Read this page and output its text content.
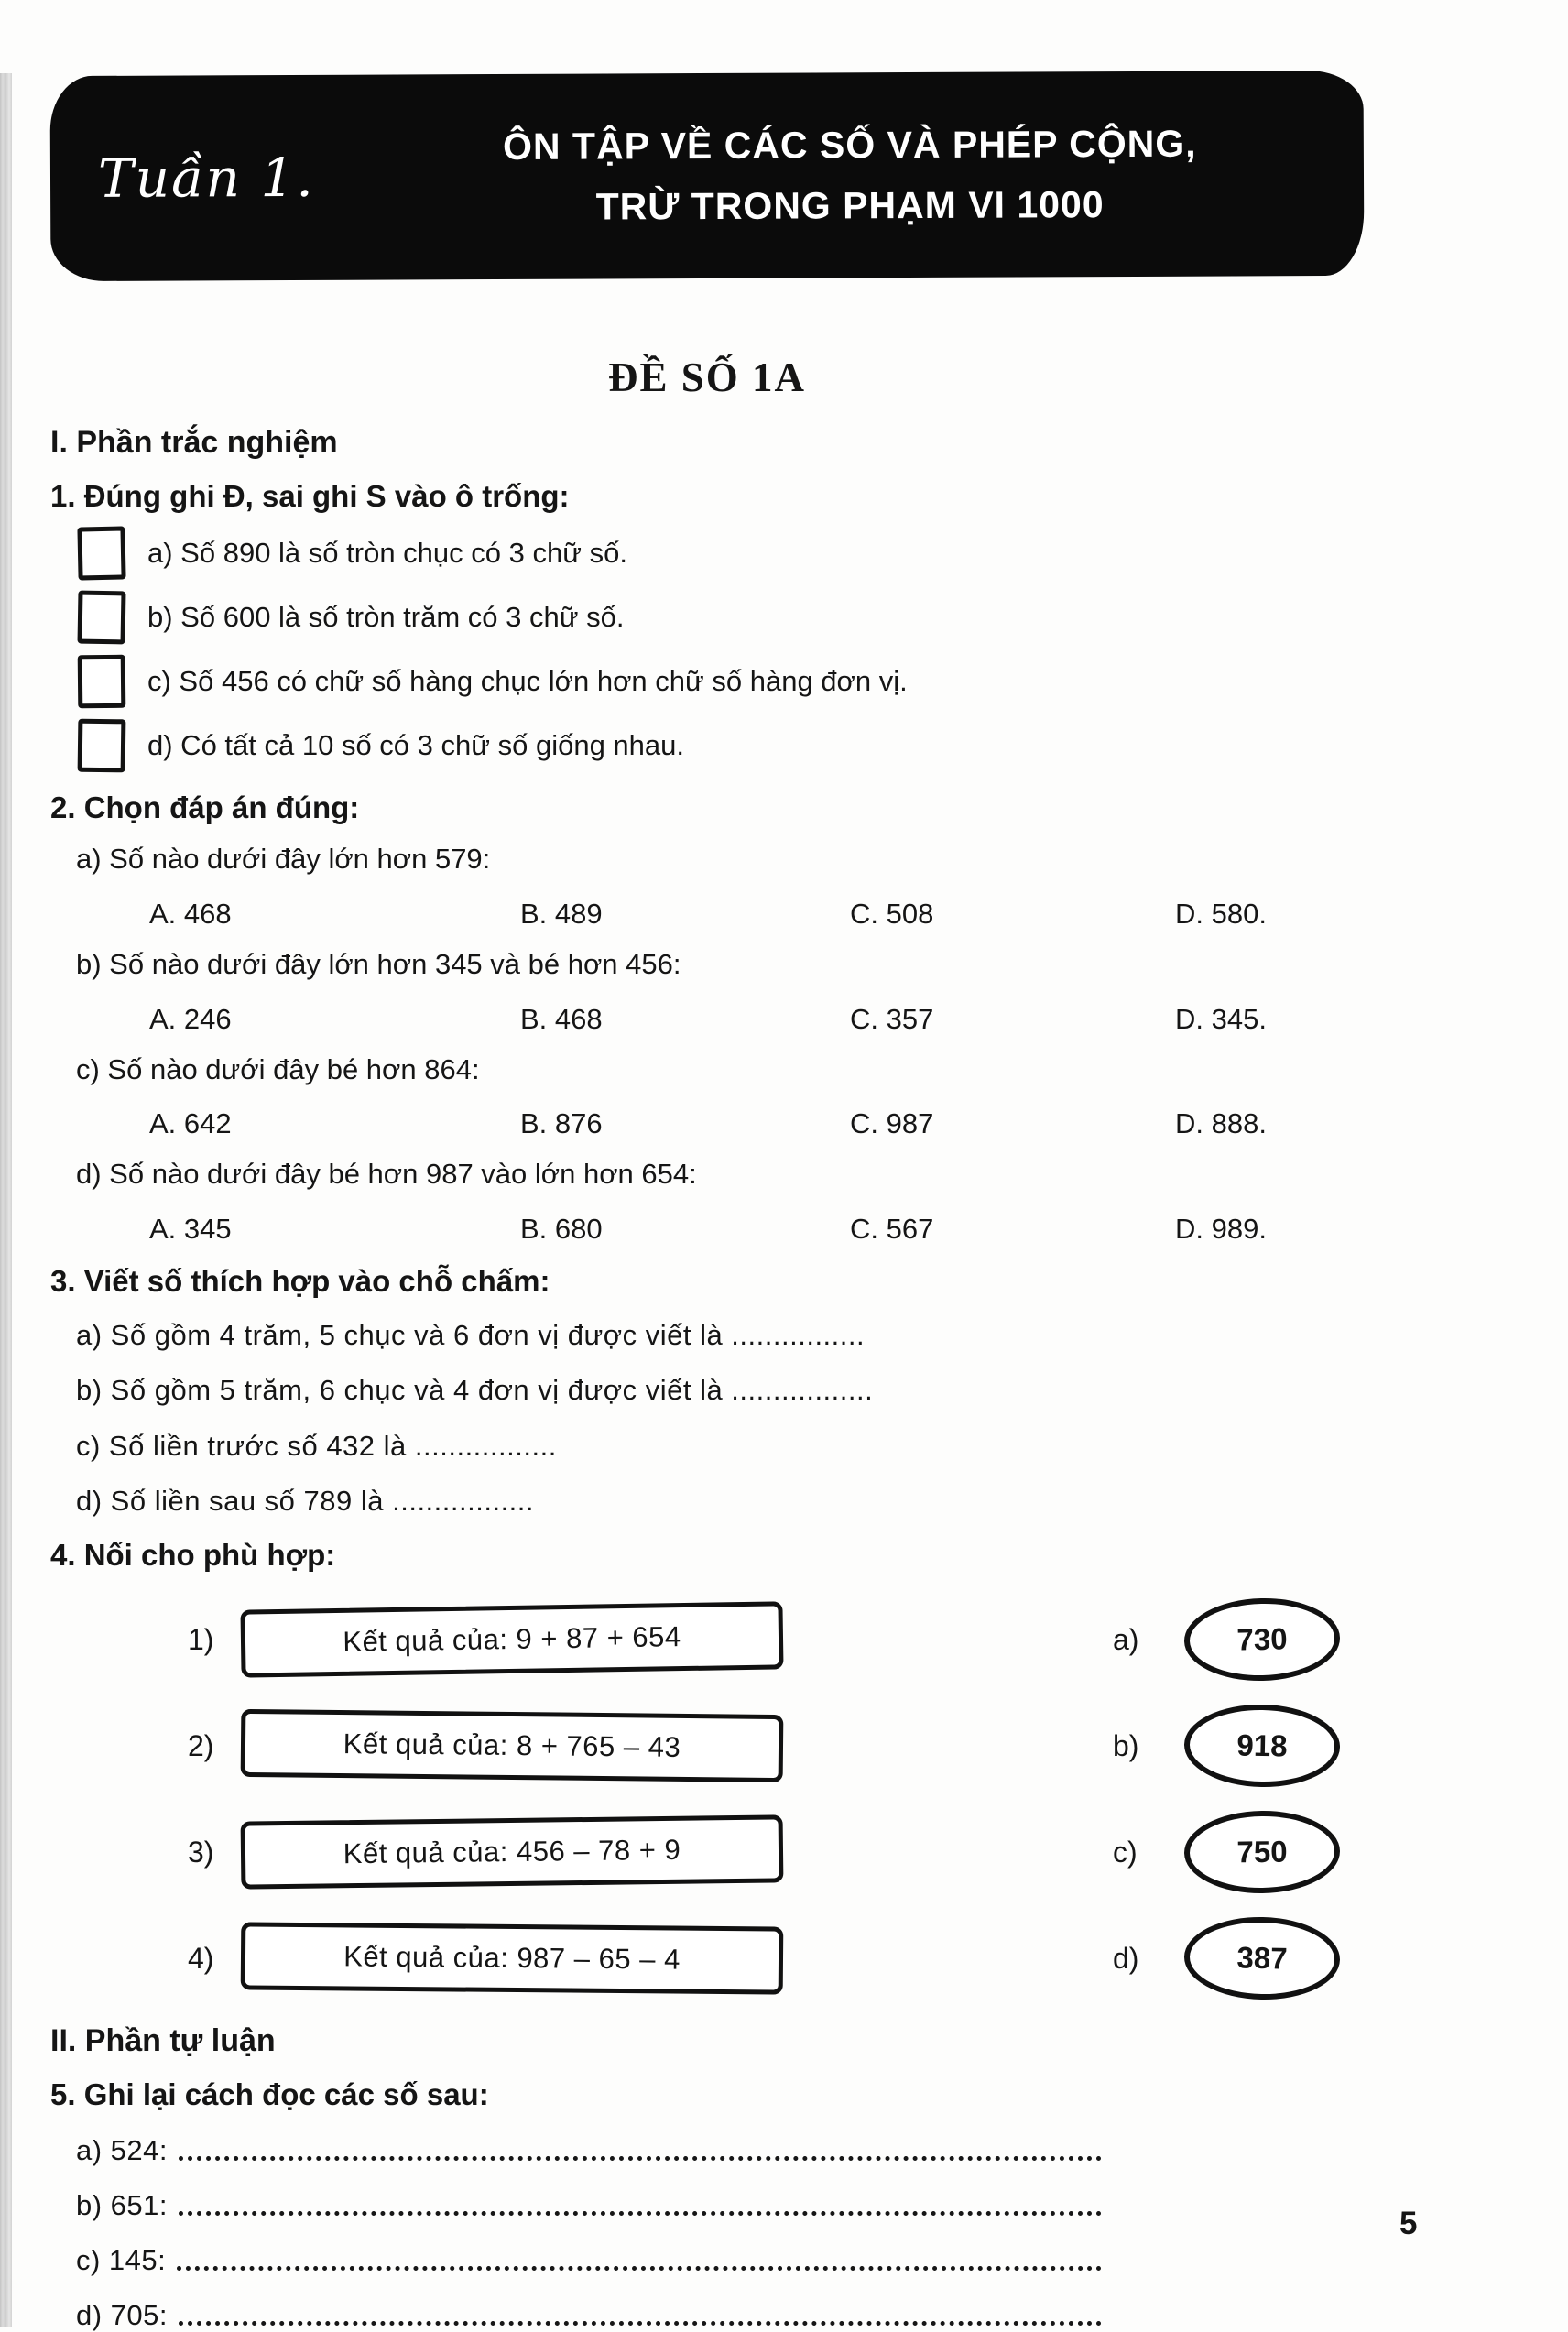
Tuần 1.
ÔN TẬP VỀ CÁC SỐ VÀ PHÉP CỘNG,
TRỪ TRONG PHẠM VI 1000
ĐỀ SỐ 1A
I. Phần trắc nghiệm
1. Đúng ghi Đ, sai ghi S vào ô trống:
a) Số 890 là số tròn chục có 3 chữ số.
b) Số 600 là số tròn trăm có 3 chữ số.
c) Số 456 có chữ số hàng chục lớn hơn chữ số hàng đơn vị.
d) Có tất cả 10 số có 3 chữ số giống nhau.
2. Chọn đáp án đúng:
a) Số nào dưới đây lớn hơn 579:
A. 468	B. 489	C. 508	D. 580.
b) Số nào dưới đây lớn hơn 345 và bé hơn 456:
A. 246	B. 468	C. 357	D. 345.
c) Số nào dưới đây bé hơn 864:
A. 642	B. 876	C. 987	D. 888.
d) Số nào dưới đây bé hơn 987 vào lớn hơn 654:
A. 345	B. 680	C. 567	D. 989.
3. Viết số thích hợp vào chỗ chấm:
a) Số gồm 4 trăm, 5 chục và 6 đơn vị được viết là ................
b) Số gồm 5 trăm, 6 chục và 4 đơn vị được viết là .................
c) Số liền trước số 432 là .................
d) Số liền sau số 789 là .................
4. Nối cho phù hợp:
1)	Kết quả của: 9 + 87 + 654	a)	730
2)	Kết quả của: 8 + 765 – 43	b)	918
3)	Kết quả của: 456 – 78 + 9	c)	750
4)	Kết quả của: 987 – 65 – 4	d)	387
II. Phần tự luận
5. Ghi lại cách đọc các số sau:
a) 524:
b) 651:
c) 145:
d) 705:
5
